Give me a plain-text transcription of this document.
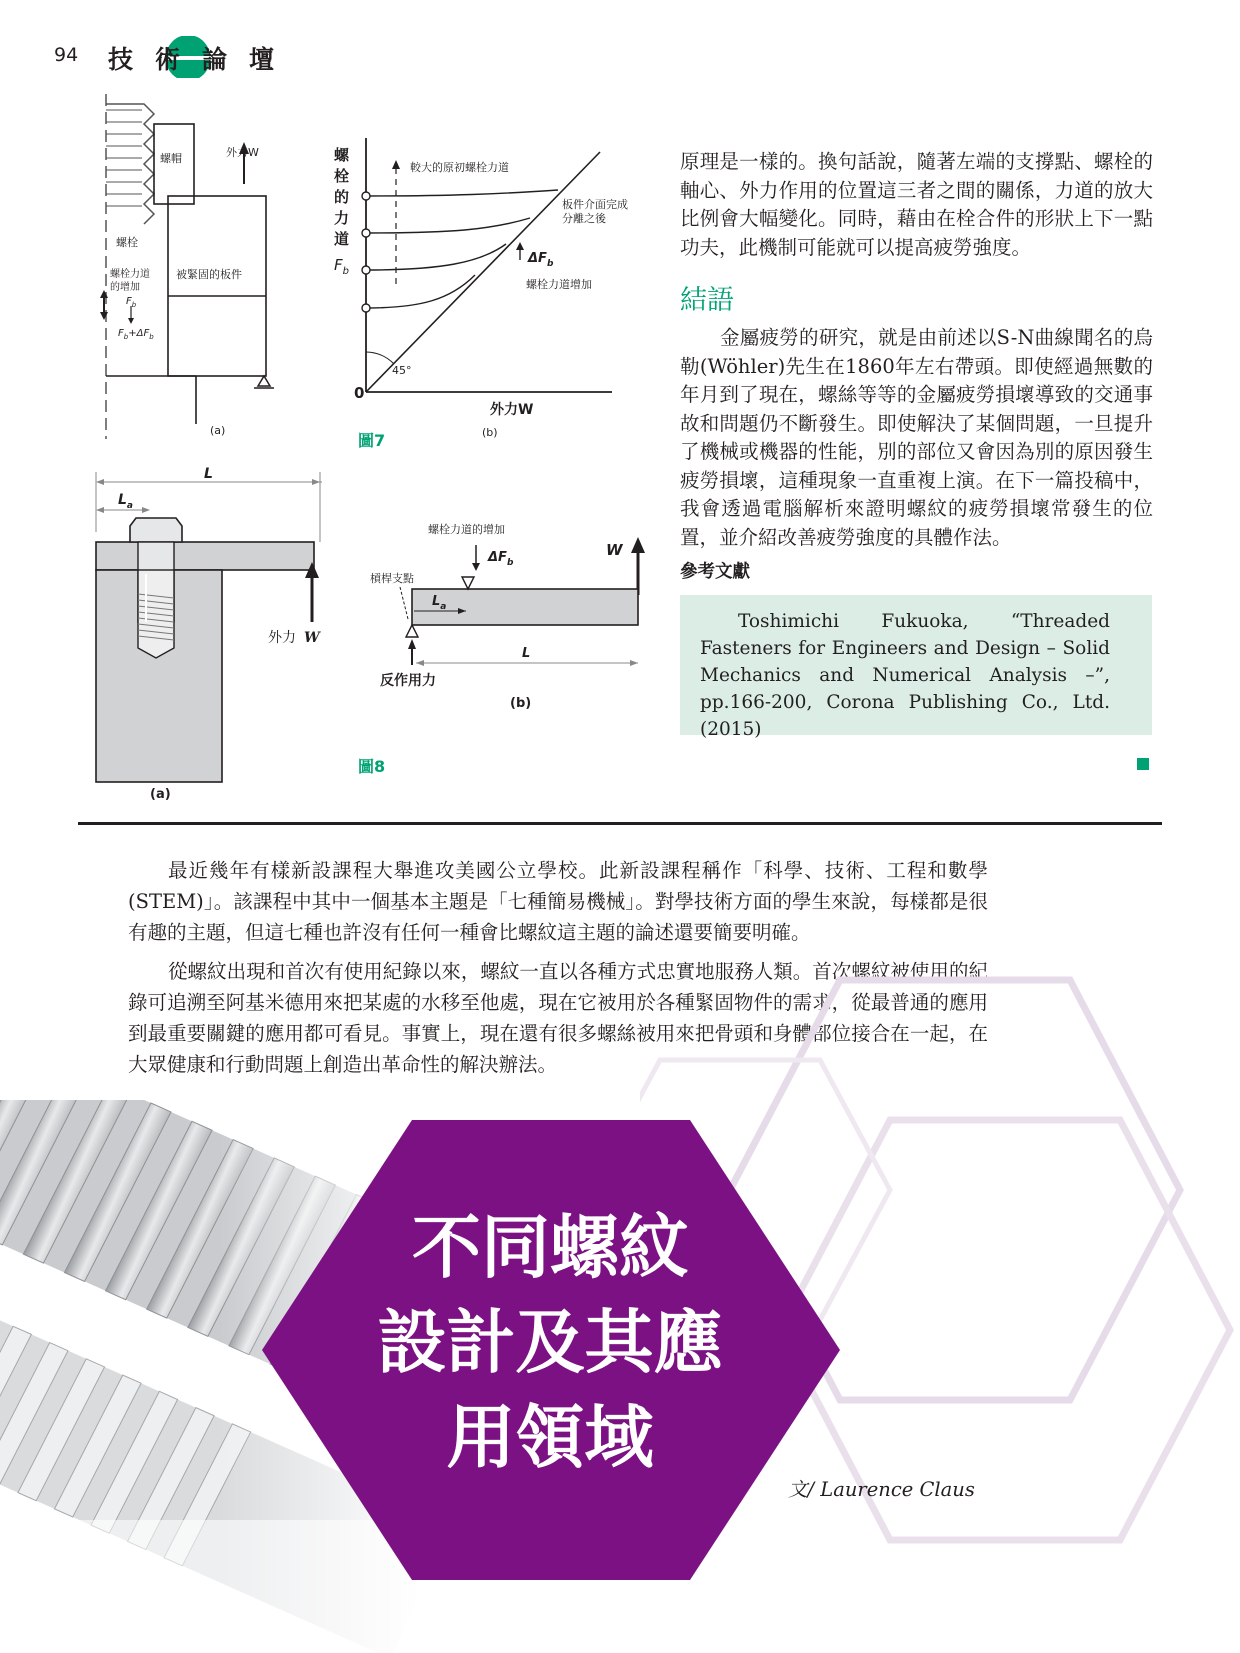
94 技術論壇
螺帽	外力W
螺栓
螺栓力道
的增加
$F_b$
$F_b+\Delta F_b$
被緊固的板件
(a)
螺
栓
的
力
道
$F_b$
較大的原初螺栓力道
板件介面完成
分離之後
$\Delta F_b$
螺栓力道增加
45°
0
外力W
(b)
圖7
L
$L_a$
外力 W
(a)
螺栓力道的增加
$\Delta F_b$
W
槓桿支點
$L_a$
L
反作用力
(b)
圖8
原理是一樣的。換句話說，隨著左端的支撐點、螺栓的軸心、外力作用的位置這三者之間的關係，力道的放大比例會大幅變化。同時，藉由在栓合件的形狀上下一點功夫，此機制可能就可以提高疲勞強度。
結語
金屬疲勞的研究，就是由前述以S-N曲線聞名的烏勒(Wöhler)先生在1860年左右帶頭。即使經過無數的年月到了現在，螺絲等等的金屬疲勞損壞導致的交通事故和問題仍不斷發生。即使解決了某個問題，一旦提升了機械或機器的性能，別的部位又會因為別的原因發生疲勞損壞，這種現象一直重複上演。在下一篇投稿中，我會透過電腦解析來證明螺紋的疲勞損壞常發生的位置，並介紹改善疲勞強度的具體作法。
參考文獻
Toshimichi Fukuoka, “Threaded Fasteners for Engineers and Design – Solid Mechanics and Numerical Analysis –”, pp.166-200, Corona Publishing Co., Ltd. (2015)
最近幾年有樣新設課程大舉進攻美國公立學校。此新設課程稱作「科學、技術、工程和數學(STEM)」。該課程中其中一個基本主題是「七種簡易機械」。對學技術方面的學生來說，每樣都是很有趣的主題，但這七種也許沒有任何一種會比螺紋這主題的論述還要簡要明確。
從螺紋出現和首次有使用紀錄以來，螺紋一直以各種方式忠實地服務人類。首次螺紋被使用的紀錄可追溯至阿基米德用來把某處的水移至他處，現在它被用於各種緊固物件的需求，從最普通的應用到最重要關鍵的應用都可看見。事實上，現在還有很多螺絲被用來把骨頭和身體部位接合在一起，在大眾健康和行動問題上創造出革命性的解決辦法。
不同螺紋
設計及其應
用領域
文/ Laurence Claus
